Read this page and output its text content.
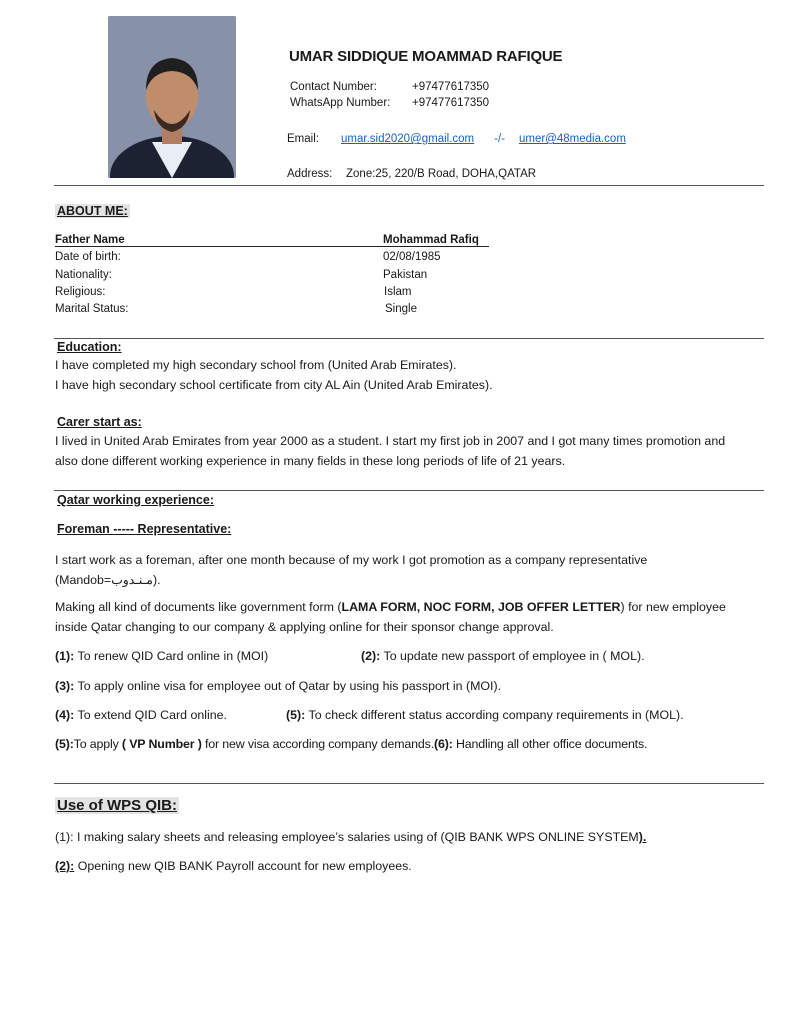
UMAR SIDDIQUE MOAMMAD RAFIQUE
Contact Number:	+97477617350
WhatsApp Number: +97477617350
Email: umar.sid2020@gmail.com -/- umer@48media.com
Address: Zone:25, 220/B Road, DOHA,QATAR
ABOUT ME:
Father Name	Mohammad Rafiq
Date of birth:	02/08/1985
Nationality:	Pakistan
Religious:	Islam
Marital Status:	Single
Education:
I have completed my high secondary school from (United Arab Emirates).
I have high secondary school certificate from city AL Ain (United Arab Emirates).
Carer start as:
I lived in United Arab Emirates from year 2000 as a student. I start my first job in 2007 and I got many times promotion and also done different working experience in many fields in these long periods of life of 21 years.
Qatar working experience:
Foreman ----- Representative:
I start work as a foreman, after one month because of my work I got promotion as a company representative (Mandob=مـنـدوب).
Making all kind of documents like government form (LAMA FORM, NOC FORM, JOB OFFER LETTER) for new employee inside Qatar changing to our company & applying online for their sponsor change approval.
(1): To renew QID Card online in (MOI)	(2): To update new passport of employee in ( MOL).
(3): To apply online visa for employee out of Qatar by using his passport in (MOI).
(4): To extend QID Card online.	(5): To check different status according company requirements in (MOL).
(5):To apply ( VP Number ) for new visa according company demands.(6): Handling all other office documents.
Use of WPS QIB:
(1): I making salary sheets and releasing employee’s salaries using of (QIB BANK WPS ONLINE SYSTEM).
(2): Opening new QIB BANK Payroll account for new employees.
